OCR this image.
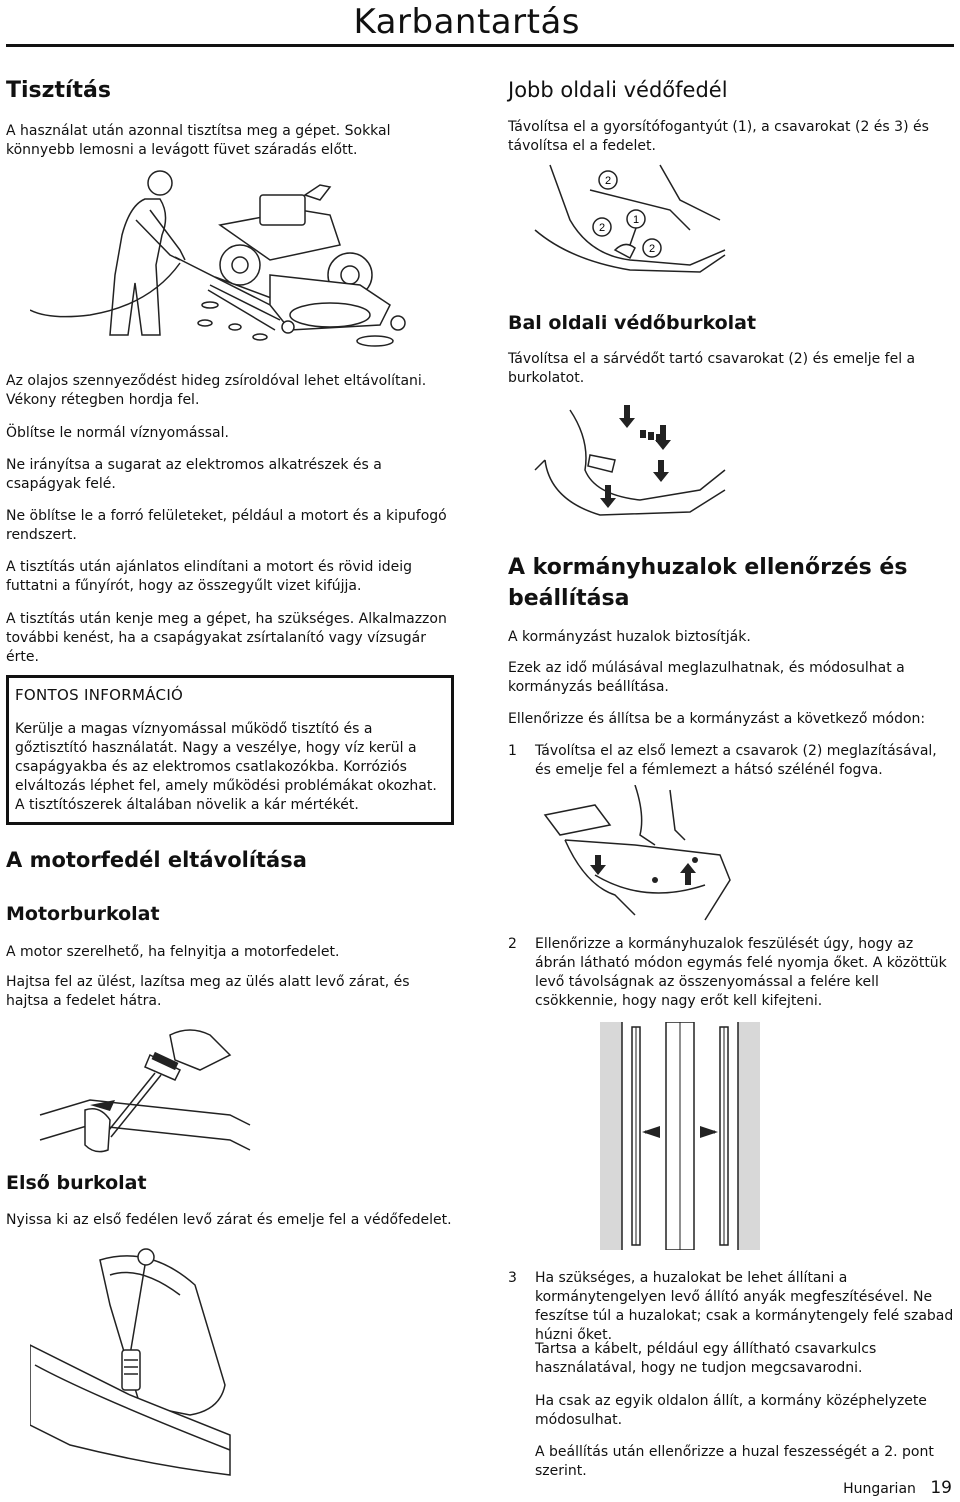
Karbantartás
Tisztítás

A használat után azonnal tisztítsa meg a gépet. Sokkal könnyebb lemosni a levágott füvet száradás előtt.

Az olajos szennyeződést hideg zsíroldóval lehet eltávolítani. Vékony rétegben hordja fel.

Öblítse le normál víznyomással.

Ne irányítsa a sugarat az elektromos alkatrészek és a csapágyak felé.

Ne öblítse le a forró felületeket, például a motort és a kipufogó rendszert.

A tisztítás után ajánlatos elindítani a motort és rövid ideig futtatni a fűnyírót, hogy az összegyűlt vizet kifújja.

A tisztítás után kenje meg a gépet, ha szükséges. Alkalmazzon további kenést, ha a csapágyakat zsírtalanító vagy vízsugár érte.

FONTOS INFORMÁCIÓ

Kerülje a magas víznyomással működő tisztító és a gőztisztító használatát. Nagy a veszélye, hogy víz kerül a csapágyakba és az elektromos csatlakozókba. Korróziós elváltozás léphet fel, amely működési problémákat okozhat. A tisztítószerek általában növelik a kár mértékét.

A motorfedél eltávolítása
Motorburkolat

A motor szerelhető, ha felnyitja a motorfedelet.

Hajtsa fel az ülést, lazítsa meg az ülés alatt levő zárat, és hajtsa a fedelet hátra.

Első burkolat

Nyissa ki az első fedélen levő zárat és emelje fel a védőfedelet.

Jobb oldali védőfedél

Távolítsa el a gyorsítófogantyút (1), a csavarokat (2 és 3) és távolítsa el a fedelet.

2
2
1
2
Bal oldali védőburkolat

Távolítsa el a sárvédőt tartó csavarokat (2) és emelje fel a burkolatot.

A kormányhuzalok ellenőrzés és
beállítása

A kormányzást huzalok biztosítják.

Ezek az idő múlásával meglazulhatnak, és módosulhat a kormányzás beállítása.

Ellenőrizze és állítsa be a kormányzást a következő módon:

1 Távolítsa el az első lemezt a csavarok (2) meglazításával, és emelje fel a fémlemezt a hátsó szélénél fogva.

2 Ellenőrizze a kormányhuzalok feszülését úgy, hogy az ábrán látható módon egymás felé nyomja őket. A közöttük levő távolságnak az összenyomással a felére kell csökkennie, hogy nagy erőt kell kifejteni.

3 Ha szükséges, a huzalokat be lehet állítani a kormánytengelyen levő állító anyák megfeszítésével. Ne feszítse túl a huzalokat; csak a kormánytengely felé szabad húzni őket.

Tartsa a kábelt, például egy állítható csavarkulcs használatával, hogy ne tudjon megcsavarodni.

Ha csak az egyik oldalon állít, a kormány középhelyzete módosulhat.

A beállítás után ellenőrizze a huzal feszességét a 2. pont szerint.

Hungarian 19
